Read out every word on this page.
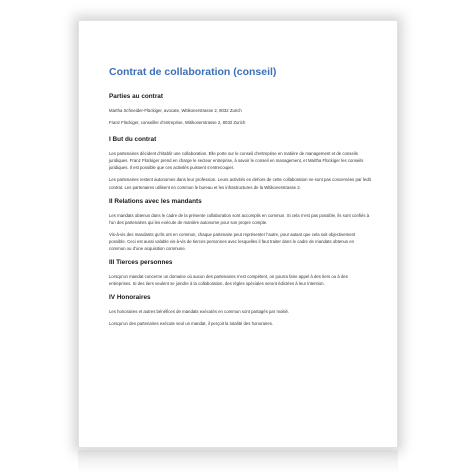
Contrat de collaboration (conseil)
Parties au contrat

Martha Schneider-Flückiger, avocate, Witikonerstrasse 2, 8032 Zurich

Franz Flückiger, conseiller d’entreprise, Witikonerstrasse 2, 8032 Zurich

I But du contrat

Les partenaires décident d’établir une collaboration. Elle porte sur le conseil d’entreprise en matière de management et de conseils juridiques. Franz Flückiger prend en charge le secteur entreprise, à savoir le conseil en management, et Martha Flückiger les conseils juridiques. Il est possible que ces activités puissent s’entrecouper.

Les partenaires restent autonomes dans leur profession. Leurs activités en dehors de cette collaboration ne sont pas concernées par ledit contrat. Les partenaires utilisent en commun le bureau et les infrastructures de la Witikonerstrasse 2.

II Relations avec les mandants

Les mandats obtenus dans le cadre de la présente collaboration sont accomplis en commun. Si cela n’est pas possible, ils sont confiés à l’un des partenaires qui les exécute de manière autonome pour son propre compte.

Vis-à-vis des mandants qu’ils ont en commun, chaque partenaire peut représenter l’autre, pour autant que cela soit objectivement possible. Ceci est aussi valable vis-à-vis de tierces personnes avec lesquelles il faut traiter dans le cadre de mandats obtenus en commun ou d’une acquisition commune.

III Tierces personnes

Lorsqu’un mandat concerne un domaine où aucun des partenaires n’est compétent, on pourra faire appel à des tiers ou à des entreprises. Si des tiers veulent se joindre à la collaboration, des règles spéciales seront édictées à leur intention.

IV Honoraires

Les honoraires et autres bénéfices de mandats exécutés en commun sont partagés par moitié.

Lorsqu’un des partenaires exécute seul un mandat, il perçoit la totalité des honoraires.
